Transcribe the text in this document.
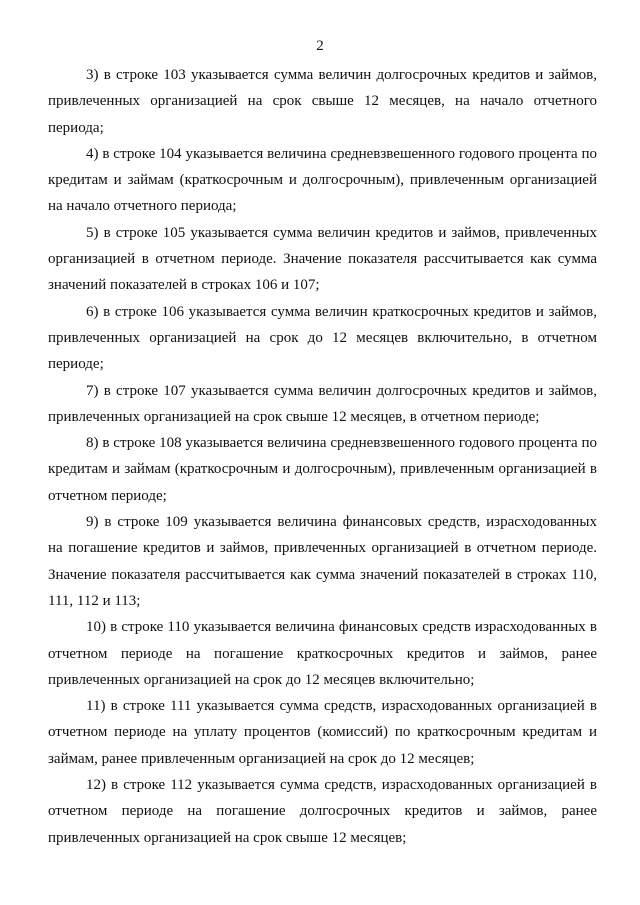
2

3) в строке 103 указывается сумма величин долгосрочных кредитов и займов, привлеченных организацией на срок свыше 12 месяцев, на начало отчетного периода;

4) в строке 104 указывается величина средневзвешенного годового процента по кредитам и займам (краткосрочным и долгосрочным), привлеченным организацией на начало отчетного периода;

5) в строке 105 указывается сумма величин кредитов и займов, привлеченных организацией в отчетном периоде. Значение показателя рассчитывается как сумма значений показателей в строках 106 и 107;

6) в строке 106 указывается сумма величин краткосрочных кредитов и займов, привлеченных организацией на срок до 12 месяцев включительно, в отчетном периоде;

7) в строке 107 указывается сумма величин долгосрочных кредитов и займов, привлеченных организацией на срок свыше 12 месяцев, в отчетном периоде;

8) в строке 108 указывается величина средневзвешенного годового процента по кредитам и займам (краткосрочным и долгосрочным), привлеченным организацией в отчетном периоде;

9) в строке 109 указывается величина финансовых средств, израсходованных на погашение кредитов и займов, привлеченных организацией в отчетном периоде. Значение показателя рассчитывается как сумма значений показателей в строках 110, 111, 112 и 113;

10) в строке 110 указывается величина финансовых средств израсходованных в отчетном периоде на погашение краткосрочных кредитов и займов, ранее привлеченных организацией на срок до 12 месяцев включительно;

11) в строке 111 указывается сумма средств, израсходованных организацией в отчетном периоде на уплату процентов (комиссий) по краткосрочным кредитам и займам, ранее привлеченным организацией на срок до 12 месяцев;

12) в строке 112 указывается сумма средств, израсходованных организацией в отчетном периоде на погашение долгосрочных кредитов и займов, ранее привлеченных организацией на срок свыше 12 месяцев;
